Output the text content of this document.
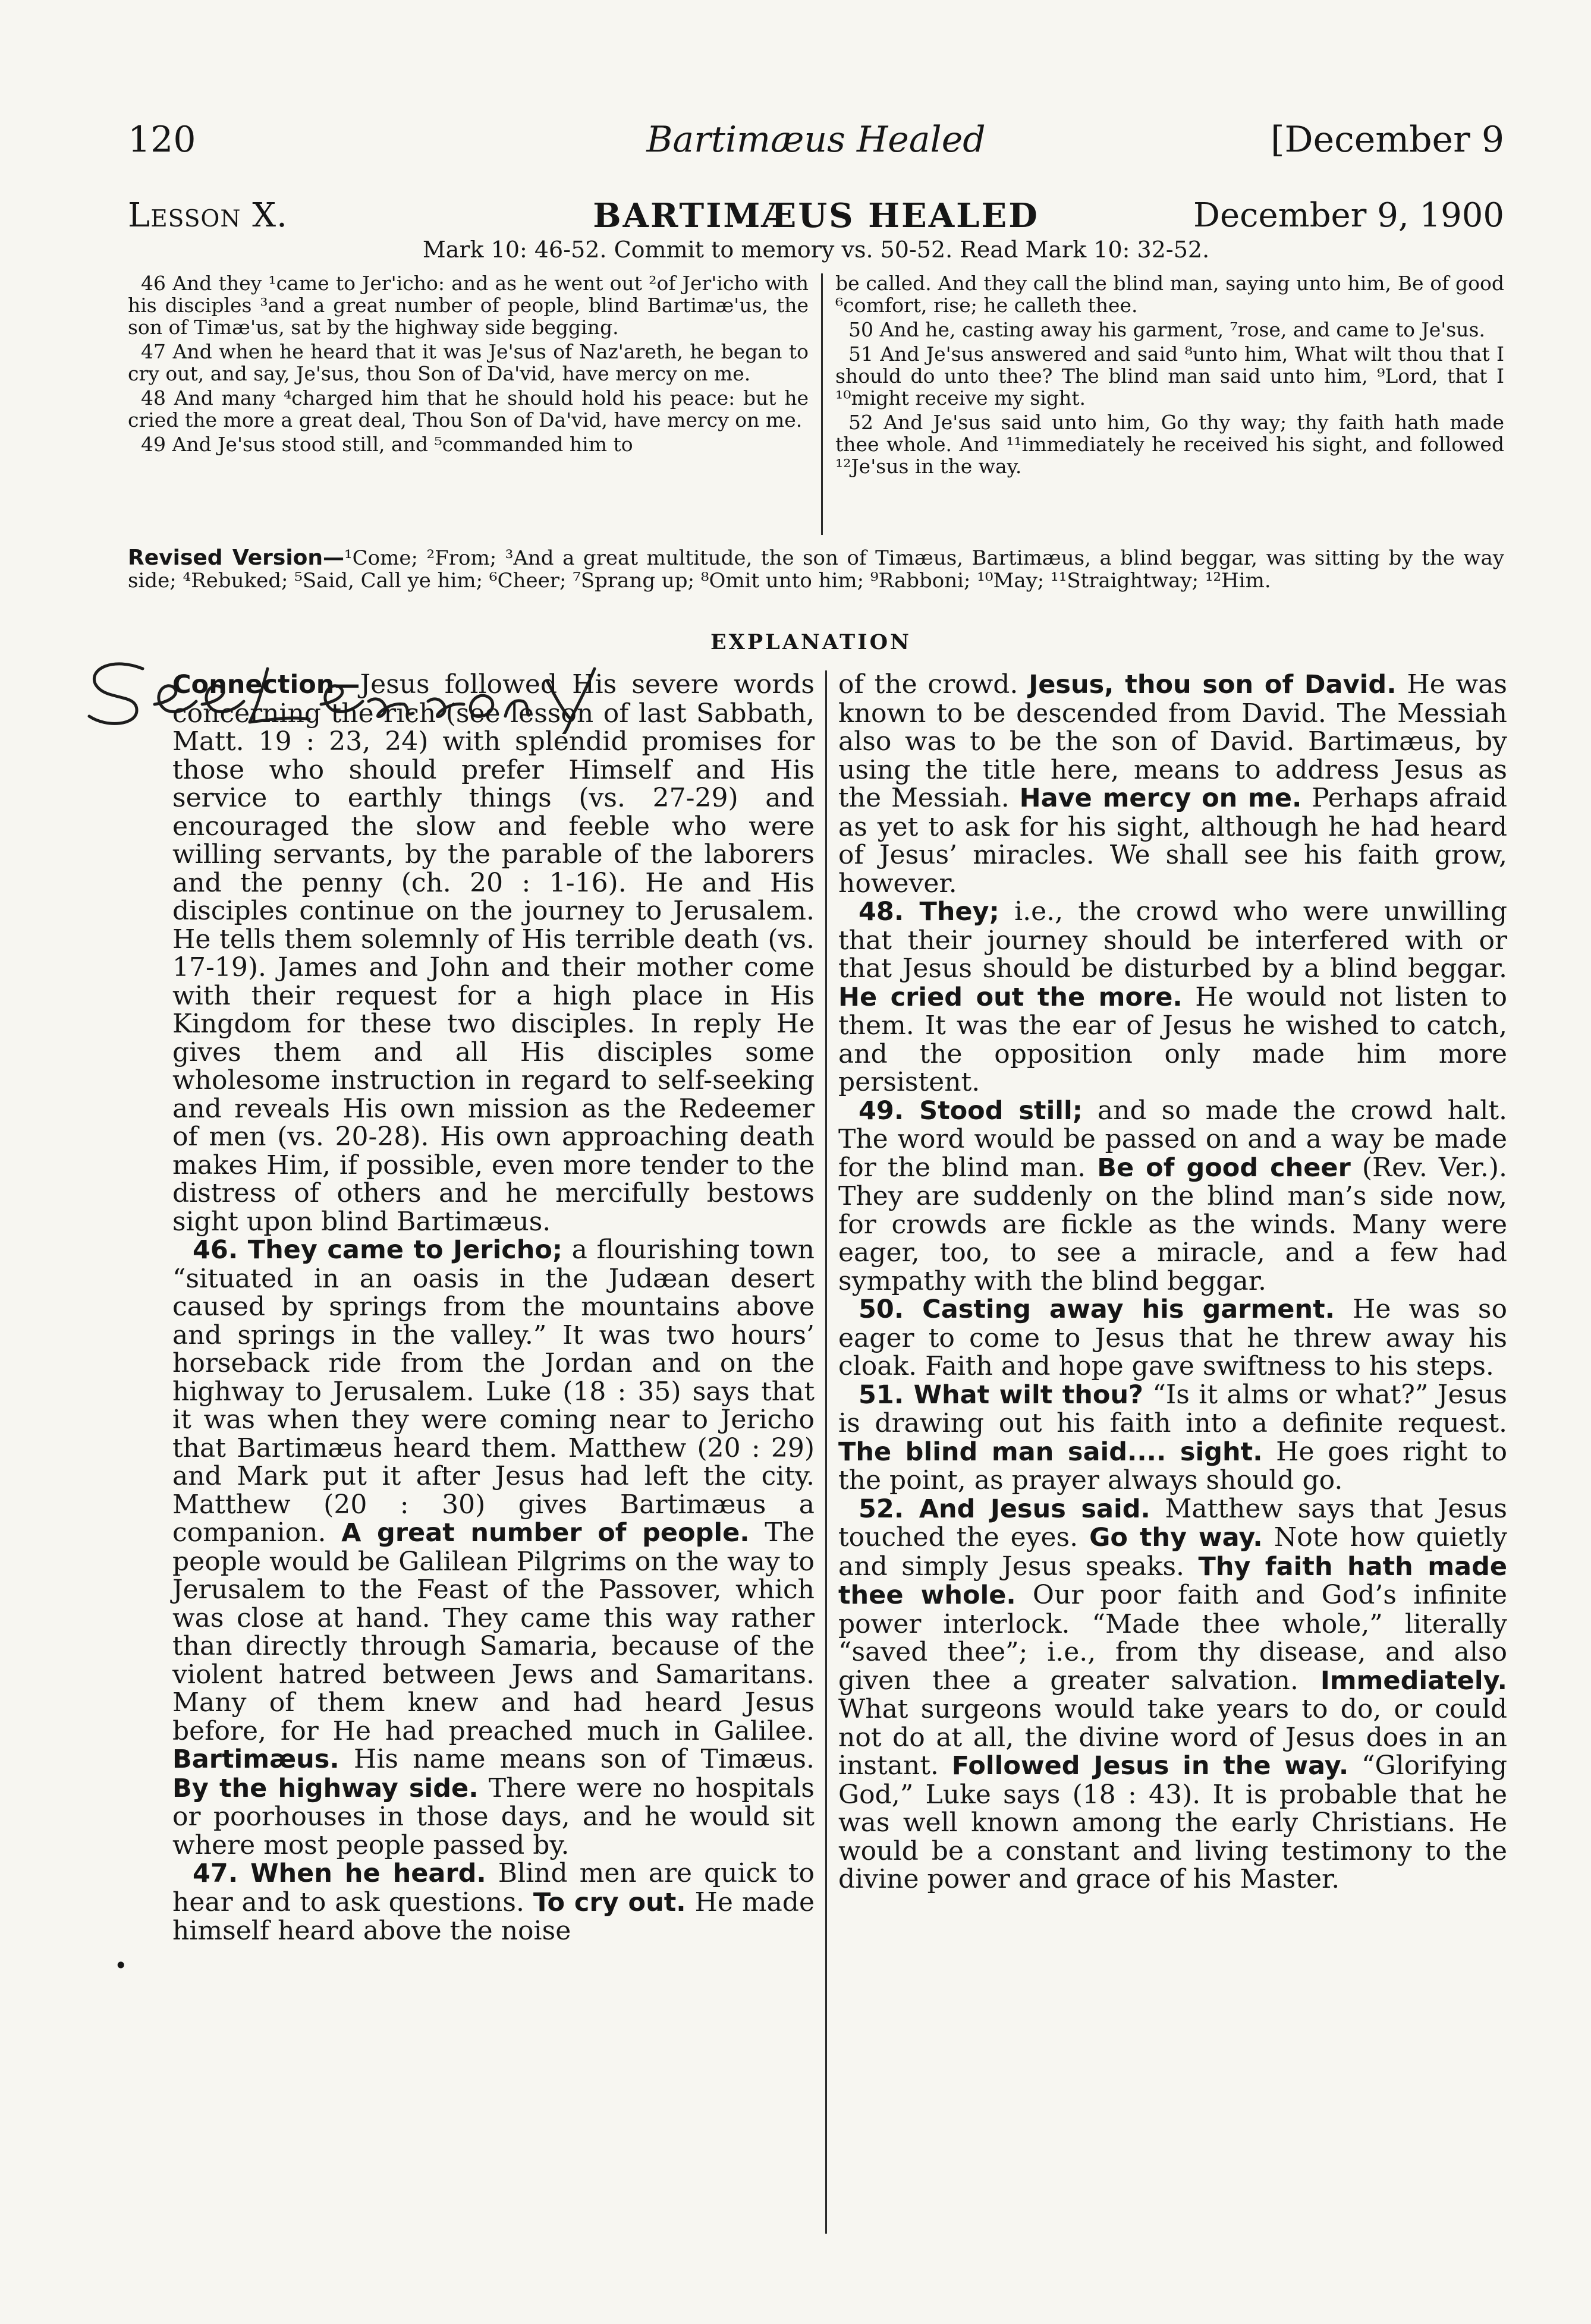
120	Bartimæus Healed	[December 9
Lesson X.	BARTIMÆUS HEALED	December 9, 1900
Mark 10: 46-52. Commit to memory vs. 50-52. Read Mark 10: 32-52.

46 And they ¹came to Jer'icho: and as he went out ²of Jer'icho with his disciples ³and a great number of people, blind Bartimæ'us, the son of Timæ'us, sat by the highway side begging.

47 And when he heard that it was Je'sus of Naz'areth, he began to cry out, and say, Je'sus, thou Son of Da'vid, have mercy on me.

48 And many ⁴charged him that he should hold his peace: but he cried the more a great deal, Thou Son of Da'vid, have mercy on me.

49 And Je'sus stood still, and ⁵commanded him to

be called. And they call the blind man, saying unto him, Be of good ⁶comfort, rise; he calleth thee.

50 And he, casting away his garment, ⁷rose, and came to Je'sus.

51 And Je'sus answered and said ⁸unto him, What wilt thou that I should do unto thee? The blind man said unto him, ⁹Lord, that I ¹⁰might receive my sight.

52 And Je'sus said unto him, Go thy way; thy faith hath made thee whole. And ¹¹immediately he received his sight, and followed ¹²Je'sus in the way.

Revised Version—¹Come; ²From; ³And a great multitude, the son of Timæus, Bartimæus, a blind beggar, was sitting by the way side; ⁴Rebuked; ⁵Said, Call ye him; ⁶Cheer; ⁷Sprang up; ⁸Omit unto him; ⁹Rabboni; ¹⁰May; ¹¹Straightway; ¹²Him.
EXPLANATION

Connection—Jesus followed His severe words concerning the rich (see lesson of last Sabbath, Matt. 19 : 23, 24) with splendid promises for those who should prefer Himself and His service to earthly things (vs. 27-29) and encouraged the slow and feeble who were willing servants, by the parable of the laborers and the penny (ch. 20 : 1-16). He and His disciples continue on the journey to Jerusalem. He tells them solemnly of His terrible death (vs. 17-19). James and John and their mother come with their request for a high place in His Kingdom for these two disciples. In reply He gives them and all His disciples some wholesome instruction in regard to self-seeking and reveals His own mission as the Redeemer of men (vs. 20-28). His own approaching death makes Him, if possible, even more tender to the distress of others and he mercifully bestows sight upon blind Bartimæus.

46. They came to Jericho; a flourishing town “situated in an oasis in the Judæan desert caused by springs from the mountains above and springs in the valley.” It was two hours’ horseback ride from the Jordan and on the highway to Jerusalem. Luke (18 : 35) says that it was when they were coming near to Jericho that Bartimæus heard them. Matthew (20 : 29) and Mark put it after Jesus had left the city. Matthew (20 : 30) gives Bartimæus a companion. A great number of people. The people would be Galilean Pilgrims on the way to Jerusalem to the Feast of the Passover, which was close at hand. They came this way rather than directly through Samaria, because of the violent hatred between Jews and Samaritans. Many of them knew and had heard Jesus before, for He had preached much in Galilee. Bartimæus. His name means son of Timæus. By the highway side. There were no hospitals or poorhouses in those days, and he would sit where most people passed by.

47. When he heard. Blind men are quick to hear and to ask questions. To cry out. He made himself heard above the noise

of the crowd. Jesus, thou son of David. He was known to be descended from David. The Messiah also was to be the son of David. Bartimæus, by using the title here, means to address Jesus as the Messiah. Have mercy on me. Perhaps afraid as yet to ask for his sight, although he had heard of Jesus’ miracles. We shall see his faith grow, however.

48. They; i.e., the crowd who were unwilling that their journey should be interfered with or that Jesus should be disturbed by a blind beggar. He cried out the more. He would not listen to them. It was the ear of Jesus he wished to catch, and the opposition only made him more persistent.

49. Stood still; and so made the crowd halt. The word would be passed on and a way be made for the blind man. Be of good cheer (Rev. Ver.). They are suddenly on the blind man’s side now, for crowds are fickle as the winds. Many were eager, too, to see a miracle, and a few had sympathy with the blind beggar.

50. Casting away his garment. He was so eager to come to Jesus that he threw away his cloak. Faith and hope gave swiftness to his steps.

51. What wilt thou? “Is it alms or what?” Jesus is drawing out his faith into a definite request. The blind man said.... sight. He goes right to the point, as prayer always should go.

52. And Jesus said. Matthew says that Jesus touched the eyes. Go thy way. Note how quietly and simply Jesus speaks. Thy faith hath made thee whole. Our poor faith and God’s infinite power interlock. “Made thee whole,” literally “saved thee”; i.e., from thy disease, and also given thee a greater salvation. Immediately. What surgeons would take years to do, or could not do at all, the divine word of Jesus does in an instant. Followed Jesus in the way. “Glorifying God,” Luke says (18 : 43). It is probable that he was well known among the early Christians. He would be a constant and living testimony to the divine power and grace of his Master.

•
